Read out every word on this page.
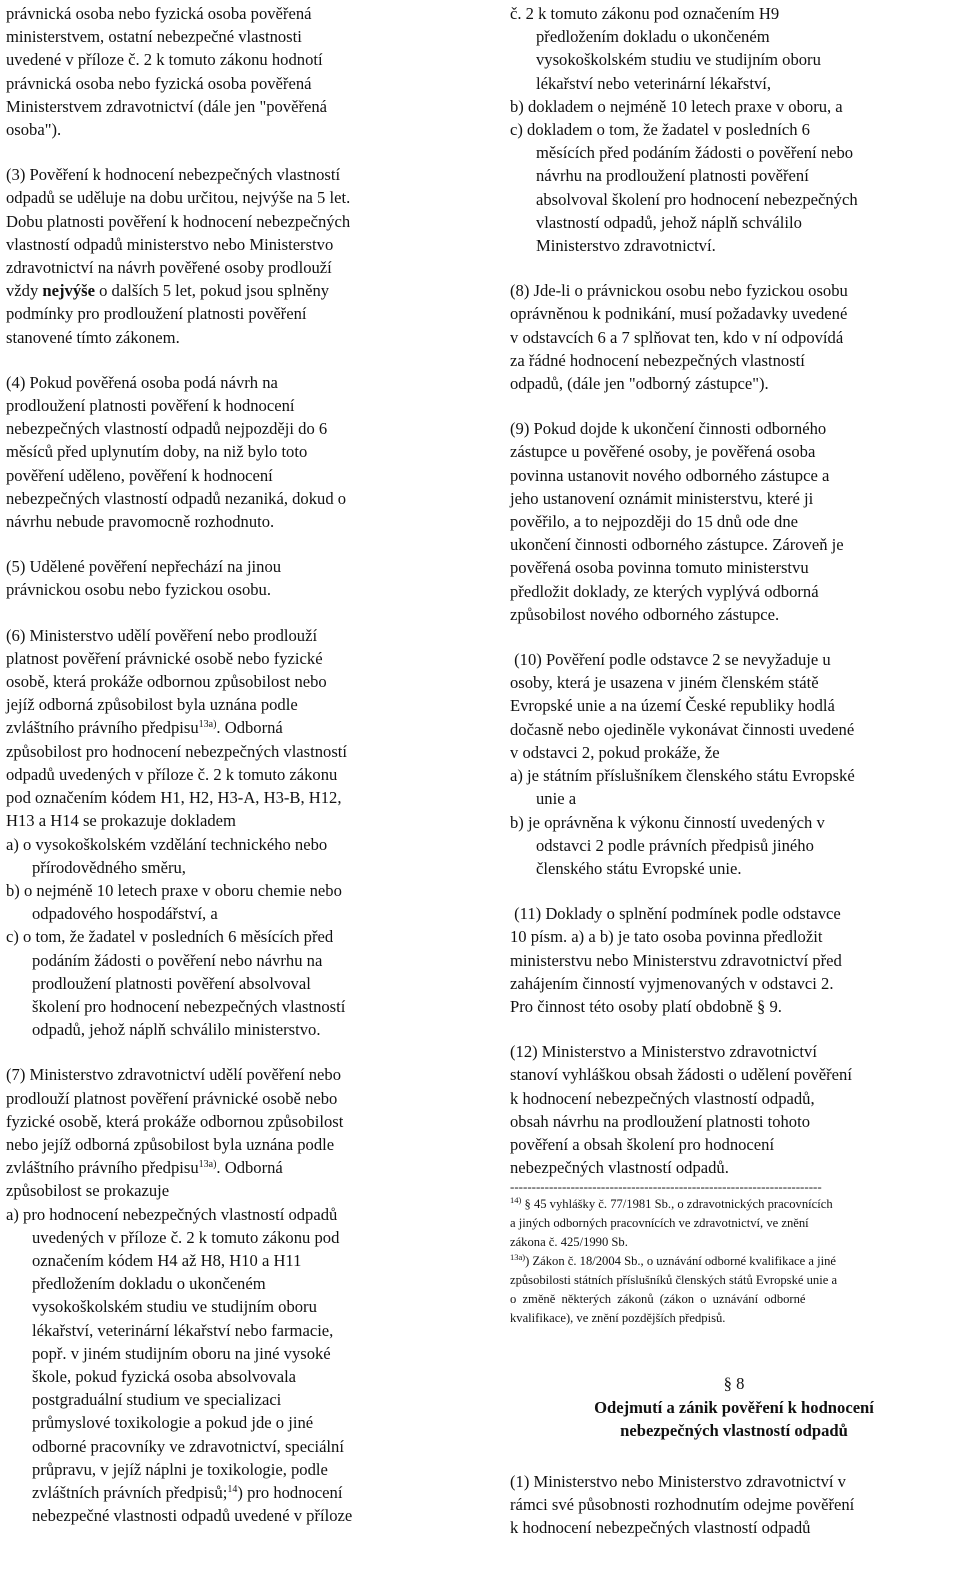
právnická osoba nebo fyzická osoba pověřená
ministerstvem, ostatní nebezpečné vlastnosti
uvedené v příloze č. 2 k tomuto zákonu hodnotí
právnická osoba nebo fyzická osoba pověřená
Ministerstvem zdravotnictví (dále jen "pověřená
osoba").
(3) Pověření k hodnocení nebezpečných vlastností
odpadů se uděluje na dobu určitou, nejvýše na 5 let.
Dobu platnosti pověření k hodnocení nebezpečných
vlastností odpadů ministerstvo nebo Ministerstvo
zdravotnictví na návrh pověřené osoby prodlouží
vždy nejvýše o dalších 5 let, pokud jsou splněny
podmínky pro prodloužení platnosti pověření
stanovené tímto zákonem.
(4) Pokud pověřená osoba podá návrh na
prodloužení platnosti pověření k hodnocení
nebezpečných vlastností odpadů nejpozději do 6
měsíců před uplynutím doby, na niž bylo toto
pověření uděleno, pověření k hodnocení
nebezpečných vlastností odpadů nezaniká, dokud o
návrhu nebude pravomocně rozhodnuto.
(5) Udělené pověření nepřechází na jinou
právnickou osobu nebo fyzickou osobu.
(6) Ministerstvo udělí pověření nebo prodlouží
platnost pověření právnické osobě nebo fyzické
osobě, která prokáže odbornou způsobilost nebo
jejíž odborná způsobilost byla uznána podle
zvláštního právního předpisu$^{13a)}$. Odborná
způsobilost pro hodnocení nebezpečných vlastností
odpadů uvedených v příloze č. 2 k tomuto zákonu
pod označením kódem H1, H2, H3-A, H3-B, H12,
H13 a H14 se prokazuje dokladem
a) o vysokoškolském vzdělání technického nebo
přírodovědného směru,
b) o nejméně 10 letech praxe v oboru chemie nebo
odpadového hospodářství, a
c) o tom, že žadatel v posledních 6 měsících před
podáním žádosti o pověření nebo návrhu na
prodloužení platnosti pověření absolvoval
školení pro hodnocení nebezpečných vlastností
odpadů, jehož náplň schválilo ministerstvo.
(7) Ministerstvo zdravotnictví udělí pověření nebo
prodlouží platnost pověření právnické osobě nebo
fyzické osobě, která prokáže odbornou způsobilost
nebo jejíž odborná způsobilost byla uznána podle
zvláštního právního předpisu$^{13a)}$. Odborná
způsobilost se prokazuje
a) pro hodnocení nebezpečných vlastností odpadů
uvedených v příloze č. 2 k tomuto zákonu pod
označením kódem H4 až H8, H10 a H11
předložením dokladu o ukončeném
vysokoškolském studiu ve studijním oboru
lékařství, veterinární lékařství nebo farmacie,
popř. v jiném studijním oboru na jiné vysoké
škole, pokud fyzická osoba absolvovala
postgraduální studium ve specializaci
průmyslové toxikologie a pokud jde o jiné
odborné pracovníky ve zdravotnictví, speciální
průpravu, v jejíž náplni je toxikologie, podle
zvláštních právních předpisů;$^{14}$) pro hodnocení
nebezpečné vlastnosti odpadů uvedené v příloze
č. 2 k tomuto zákonu pod označením H9
předložením dokladu o ukončeném
vysokoškolském studiu ve studijním oboru
lékařství nebo veterinární lékařství,
b) dokladem o nejméně 10 letech praxe v oboru, a
c) dokladem o tom, že žadatel v posledních 6
měsících před podáním žádosti o pověření nebo
návrhu na prodloužení platnosti pověření
absolvoval školení pro hodnocení nebezpečných
vlastností odpadů, jehož náplň schválilo
Ministerstvo zdravotnictví.
(8) Jde-li o právnickou osobu nebo fyzickou osobu
oprávněnou k podnikání, musí požadavky uvedené
v odstavcích 6 a 7 splňovat ten, kdo v ní odpovídá
za řádné hodnocení nebezpečných vlastností
odpadů, (dále jen "odborný zástupce").
(9) Pokud dojde k ukončení činnosti odborného
zástupce u pověřené osoby, je pověřená osoba
povinna ustanovit nového odborného zástupce a
jeho ustanovení oznámit ministerstvu, které ji
pověřilo, a to nejpozději do 15 dnů ode dne
ukončení činnosti odborného zástupce. Zároveň je
pověřená osoba povinna tomuto ministerstvu
předložit doklady, ze kterých vyplývá odborná
způsobilost nového odborného zástupce.
(10) Pověření podle odstavce 2 se nevyžaduje u
osoby, která je usazena v jiném členském státě
Evropské unie a na území České republiky hodlá
dočasně nebo ojediněle vykonávat činnosti uvedené
v odstavci 2, pokud prokáže, že
a) je státním příslušníkem členského státu Evropské
unie a
b) je oprávněna k výkonu činností uvedených v
odstavci 2 podle právních předpisů jiného
členského státu Evropské unie.
(11) Doklady o splnění podmínek podle odstavce
10 písm. a) a b) je tato osoba povinna předložit
ministerstvu nebo Ministerstvu zdravotnictví před
zahájením činností vyjmenovaných v odstavci 2.
Pro činnost této osoby platí obdobně § 9.
(12) Ministerstvo a Ministerstvo zdravotnictví
stanoví vyhláškou obsah žádosti o udělení pověření
k hodnocení nebezpečných vlastností odpadů,
obsah návrhu na prodloužení platnosti tohoto
pověření a obsah školení pro hodnocení
nebezpečných vlastností odpadů.
------------------------------------------------------------------------
$^{14)}$ § 45 vyhlášky č. 77/1981 Sb., o zdravotnických pracovnících
a jiných odborných pracovnících ve zdravotnictví, ve znění
zákona č. 425/1990 Sb.
$^{13a)}$) Zákon č. 18/2004 Sb., o uznávání odborné kvalifikace a jiné
způsobilosti státních příslušníků členských států Evropské unie a
o změně některých zákonů (zákon o uznávání odborné
kvalifikace), ve znění pozdějších předpisů.
§ 8
Odejmutí a zánik pověření k hodnocení
nebezpečných vlastností odpadů
(1) Ministerstvo nebo Ministerstvo zdravotnictví v
rámci své působnosti rozhodnutím odejme pověření
k hodnocení nebezpečných vlastností odpadů
